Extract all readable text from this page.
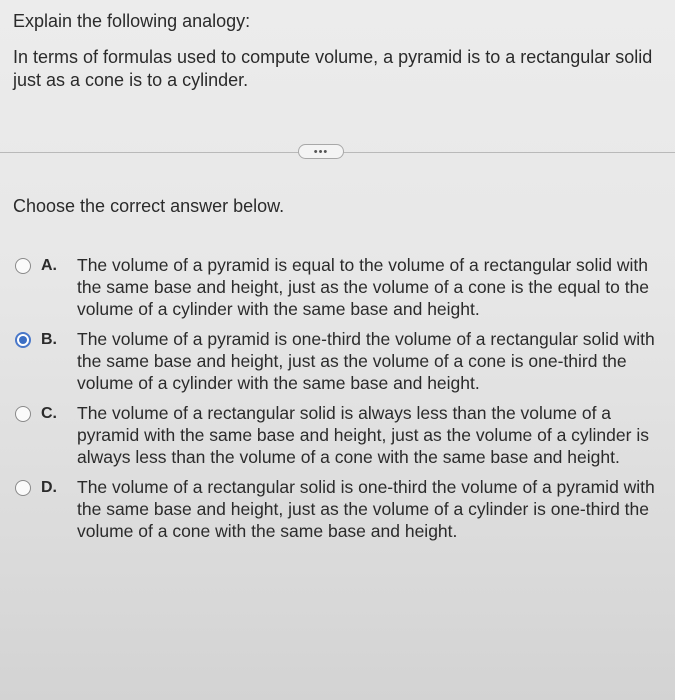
Explain the following analogy:

In terms of formulas used to compute volume, a pyramid is to a rectangular solid just as a cone is to a cylinder.

•••

Choose the correct answer below.

A.	The volume of a pyramid is equal to the volume of a rectangular solid with the same base and height, just as the volume of a cone is the equal to the volume of a cylinder with the same base and height.
B.	The volume of a pyramid is one-third the volume of a rectangular solid with the same base and height, just as the volume of a cone is one-third the volume of a cylinder with the same base and height.
C.	The volume of a rectangular solid is always less than the volume of a pyramid with the same base and height, just as the volume of a cylinder is always less than the volume of a cone with the same base and height.
D.	The volume of a rectangular solid is one-third the volume of a pyramid with the same base and height, just as the volume of a cylinder is one-third the volume of a cone with the same base and height.
